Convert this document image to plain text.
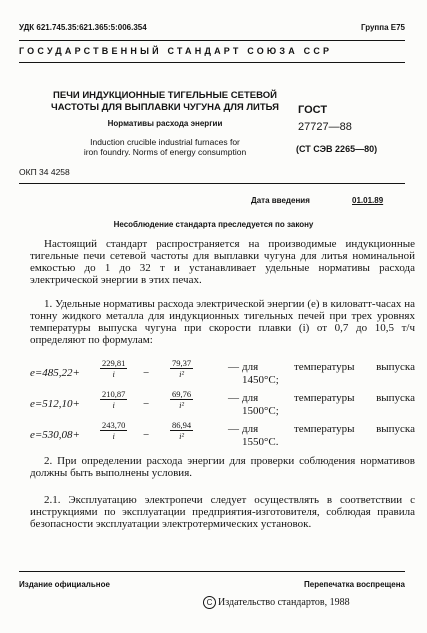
УДК 621.745.35:621.365:5:006.354	Группа Е75
ГОСУДАРСТВЕННЫЙ СТАНДАРТ СОЮЗА ССР
ПЕЧИ ИНДУКЦИОННЫЕ ТИГЕЛЬНЫЕ СЕТЕВОЙ
ЧАСТОТЫ ДЛЯ ВЫПЛАВКИ ЧУГУНА ДЛЯ ЛИТЬЯ
Нормативы расхода энергии
Induction crucible industrial furnaces for
iron foundry. Norms of energy consumption
ГОСТ
27727—88
(СТ СЭВ 2265—80)
ОКП 34 4258
Дата введения	01.01.89
Несоблюдение стандарта преследуется по закону
Настоящий стандарт распространяется на производимые индукционные тигельные печи сетевой частоты для выплавки чугуна для литья номинальной емкостью до 1 до 32 т и устанавливает удельные нормативы расхода электрической энергии в этих печах.
1. Удельные нормативы расхода электрической энергии (е) в киловатт-часах на тонну жидкого металла для индукционных тигельных печей при трех уровнях температуры выпуска чугуна при скорости плавки (i) от 0,7 до 10,5 т/ч определяют по формулам:
$e=485,22+ \frac{229,81}{i} - \frac{79,37}{\text{i²}}$	— для	температуры выпуска
1450°C;
$e=512,10+ \frac{210,87}{i} - \frac{69,76}{\text{i²}}$	— для	температуры выпуска
1500°C;
$e=530,08+ \frac{243,70}{i} - \frac{86,94}{\text{i²}}$	— для	температуры выпуска
1550°C.
2. При определении расхода энергии для проверки соблюдения нормативов должны быть выполнены условия.
2.1. Эксплуатацию электропечи следует осуществлять в соответствии с инструкциями по эксплуатации предприятия-изготовителя, соблюдая правила безопасности эксплуатации электротермических установок.
Издание официальное	Перепечатка воспрещена
C Издательство стандартов, 1988
